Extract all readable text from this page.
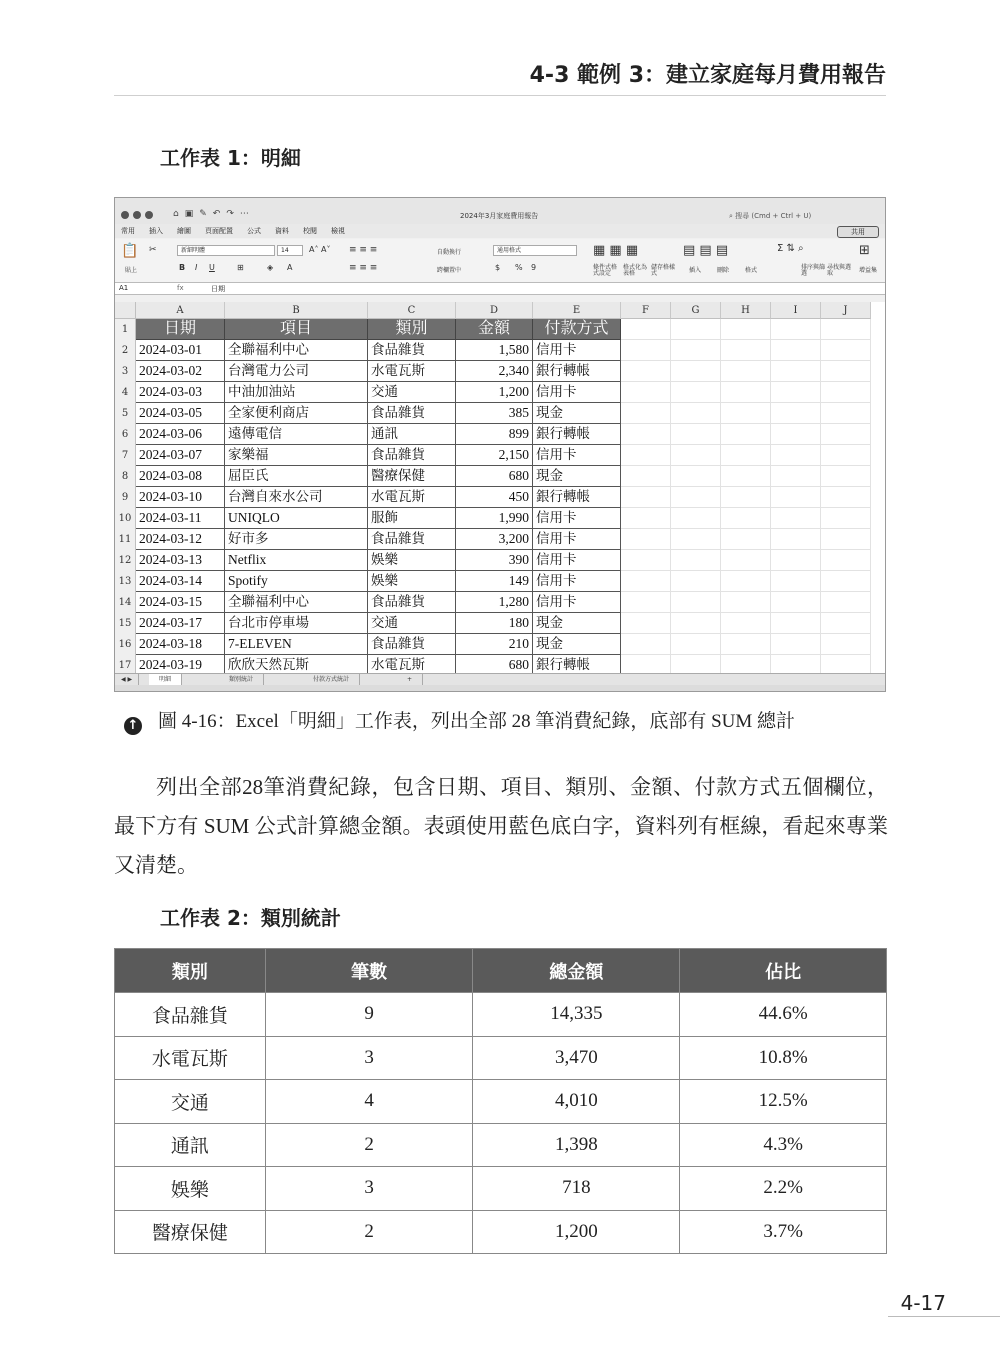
4-3 範例 3：建立家庭每月費用報告
工作表 1：明細
⌂ ▣ ✎ ↶ ↷ ⋯	2024年3月家庭費用報告	⌕ 搜尋 (Cmd + Ctrl + U)
常用 插入 繪圖 頁面配置 公式 資料 校閱 檢視	共用
📋
貼上
✂	新細明體	14	A˄ A˅
B I U	⊞	◈ A
≡ ≡ ≡
≡ ≡ ≡
自動換行
跨欄置中
通用格式
$ % 9	條件式格式設定
格式化為表格
儲存格樣式
▦ ▦ ▦	▤ ▤ ▤
插入	刪除	格式
Σ ⇅ ⌕
排序與篩選
尋找與選取
⊞
增益集
A1	fx	日期
A	B	C	D	E	F	G	H	I	J
1	日期	項目	類別	金額	付款方式
2 2024-03-01	全聯福利中心	食品雜貨	1,580 信用卡
3 2024-03-02	台灣電力公司	水電瓦斯	2,340 銀行轉帳
4 2024-03-03	中油加油站	交通	1,200 信用卡
5 2024-03-05	全家便利商店	食品雜貨	385 現金
6 2024-03-06	遠傳電信	通訊	899 銀行轉帳
7 2024-03-07	家樂福	食品雜貨	2,150 信用卡
8 2024-03-08	屈臣氏	醫療保健	680 現金
9 2024-03-10	台灣自來水公司	水電瓦斯	450 銀行轉帳
10 2024-03-11	UNIQLO	服飾	1,990 信用卡
11 2024-03-12	好市多	食品雜貨	3,200 信用卡
12 2024-03-13	Netflix	娛樂	390 信用卡
13 2024-03-14	Spotify	娛樂	149 信用卡
14 2024-03-15	全聯福利中心	食品雜貨	1,280 信用卡
15 2024-03-17	台北市停車場	交通	180 現金
16 2024-03-18	7-ELEVEN	食品雜貨	210 現金
17 2024-03-19	欣欣天然瓦斯	水電瓦斯	680 銀行轉帳
◀ ▶	明細	類別統計	付款方式統計	+
↑ 圖 4-16：Excel「明細」工作表，列出全部 28 筆消費紀錄，底部有 SUM 總計

列出全部28筆消費紀錄，包含日期、項目、類別、金額、付款方式五個欄位，最下方有 SUM 公式計算總金額。表頭使用藍色底白字，資料列有框線，看起來專業又清楚。

工作表 2：類別統計
類別	筆數	總金額	佔比
食品雜貨	9	14,335	44.6%
水電瓦斯	3	3,470	10.8%
交通	4	4,010	12.5%
通訊	2	1,398	4.3%
娛樂	3	718	2.2%
醫療保健	2	1,200	3.7%
4-17
